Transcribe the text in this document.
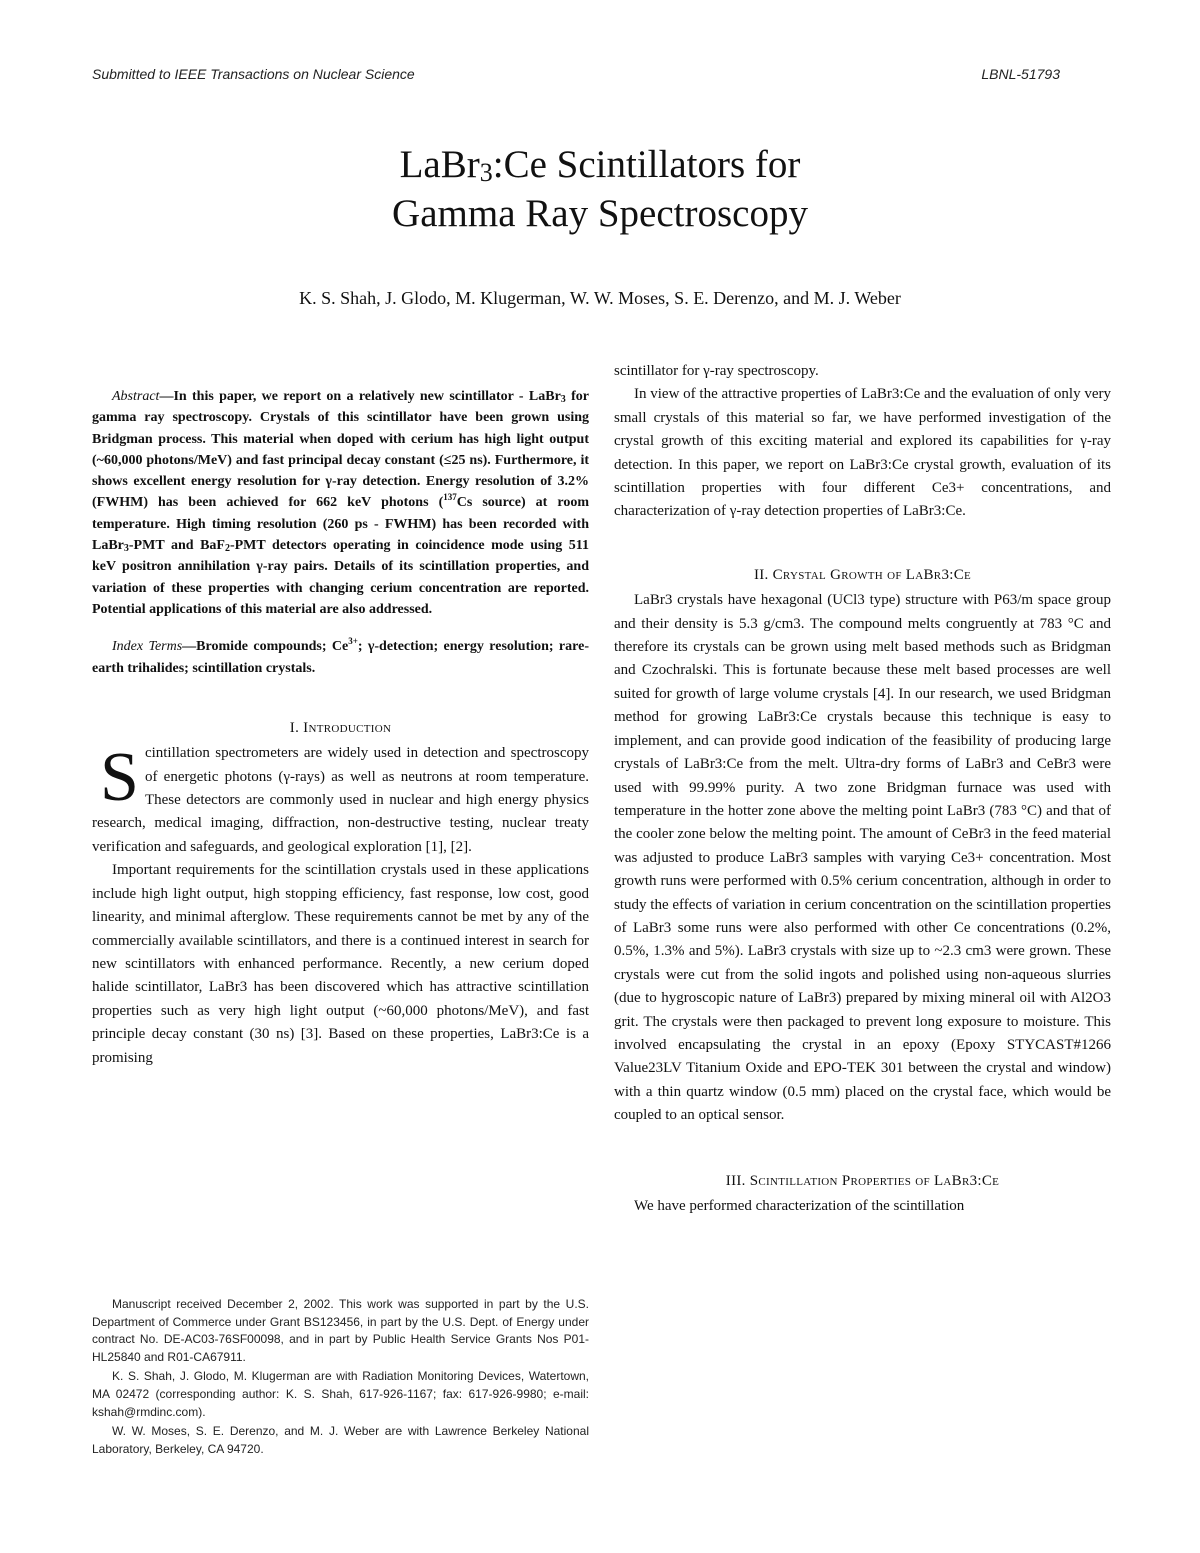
Submitted to IEEE Transactions on Nuclear Science	LBNL-51793
LaBr$_3$:Ce Scintillators for
Gamma Ray Spectroscopy
K. S. Shah, J. Glodo, M. Klugerman, W. W. Moses, S. E. Derenzo, and M. J. Weber

Abstract—In this paper, we report on a relatively new scintillator - LaBr$_3$ for gamma ray spectroscopy. Crystals of this scintillator have been grown using Bridgman process. This material when doped with cerium has high light output (~60,000 photons/MeV) and fast principal decay constant (≤25 ns). Furthermore, it shows excellent energy resolution for γ-ray detection. Energy resolution of 3.2% (FWHM) has been achieved for 662 keV photons ($^{137}$Cs source) at room temperature. High timing resolution (260 ps - FWHM) has been recorded with LaBr$_3$-PMT and BaF$_2$-PMT detectors operating in coincidence mode using 511 keV positron annihilation γ-ray pairs. Details of its scintillation properties, and variation of these properties with changing cerium concentration are reported. Potential applications of this material are also addressed.

Index Terms—Bromide compounds; $Ce^{3+}$; γ-detection; energy resolution; rare-earth trihalides; scintillation crystals.

I. Introduction

Scintillation spectrometers are widely used in detection and spectroscopy of energetic photons (γ-rays) as well as neutrons at room temperature. These detectors are commonly used in nuclear and high energy physics research, medical imaging, diffraction, non-destructive testing, nuclear treaty verification and safeguards, and geological exploration [1], [2].

Important requirements for the scintillation crystals used in these applications include high light output, high stopping efficiency, fast response, low cost, good linearity, and minimal afterglow. These requirements cannot be met by any of the commercially available scintillators, and there is a continued interest in search for new scintillators with enhanced performance. Recently, a new cerium doped halide scintillator, LaBr3 has been discovered which has attractive scintillation properties such as very high light output (~60,000 photons/MeV), and fast principle decay constant (30 ns) [3]. Based on these properties, LaBr3:Ce is a promising

Manuscript received December 2, 2002. This work was supported in part by the U.S. Department of Commerce under Grant BS123456, in part by the U.S. Dept. of Energy under contract No. DE-AC03-76SF00098, and in part by Public Health Service Grants Nos P01-HL25840 and R01-CA67911.

K. S. Shah, J. Glodo, M. Klugerman are with Radiation Monitoring Devices, Watertown, MA 02472 (corresponding author: K. S. Shah, 617-926-1167; fax: 617-926-9980; e-mail: kshah@rmdinc.com).

W. W. Moses, S. E. Derenzo, and M. J. Weber are with Lawrence Berkeley National Laboratory, Berkeley, CA 94720.

scintillator for γ-ray spectroscopy.

In view of the attractive properties of LaBr3:Ce and the evaluation of only very small crystals of this material so far, we have performed investigation of the crystal growth of this exciting material and explored its capabilities for γ-ray detection. In this paper, we report on LaBr3:Ce crystal growth, evaluation of its scintillation properties with four different Ce3+ concentrations, and characterization of γ-ray detection properties of LaBr3:Ce.

II. Crystal Growth of LaBr3:Ce

LaBr3 crystals have hexagonal (UCl3 type) structure with P63/m space group and their density is 5.3 g/cm3. The compound melts congruently at 783 °C and therefore its crystals can be grown using melt based methods such as Bridgman and Czochralski. This is fortunate because these melt based processes are well suited for growth of large volume crystals [4]. In our research, we used Bridgman method for growing LaBr3:Ce crystals because this technique is easy to implement, and can provide good indication of the feasibility of producing large crystals of LaBr3:Ce from the melt. Ultra-dry forms of LaBr3 and CeBr3 were used with 99.99% purity. A two zone Bridgman furnace was used with temperature in the hotter zone above the melting point LaBr3 (783 °C) and that of the cooler zone below the melting point. The amount of CeBr3 in the feed material was adjusted to produce LaBr3 samples with varying Ce3+ concentration. Most growth runs were performed with 0.5% cerium concentration, although in order to study the effects of variation in cerium concentration on the scintillation properties of LaBr3 some runs were also performed with other Ce concentrations (0.2%, 0.5%, 1.3% and 5%). LaBr3 crystals with size up to ~2.3 cm3 were grown. These crystals were cut from the solid ingots and polished using non-aqueous slurries (due to hygroscopic nature of LaBr3) prepared by mixing mineral oil with Al2O3 grit. The crystals were then packaged to prevent long exposure to moisture. This involved encapsulating the crystal in an epoxy (Epoxy STYCAST#1266 Value23LV Titanium Oxide and EPO-TEK 301 between the crystal and window) with a thin quartz window (0.5 mm) placed on the crystal face, which would be coupled to an optical sensor.

III. Scintillation Properties of LaBr3:Ce

We have performed characterization of the scintillation
